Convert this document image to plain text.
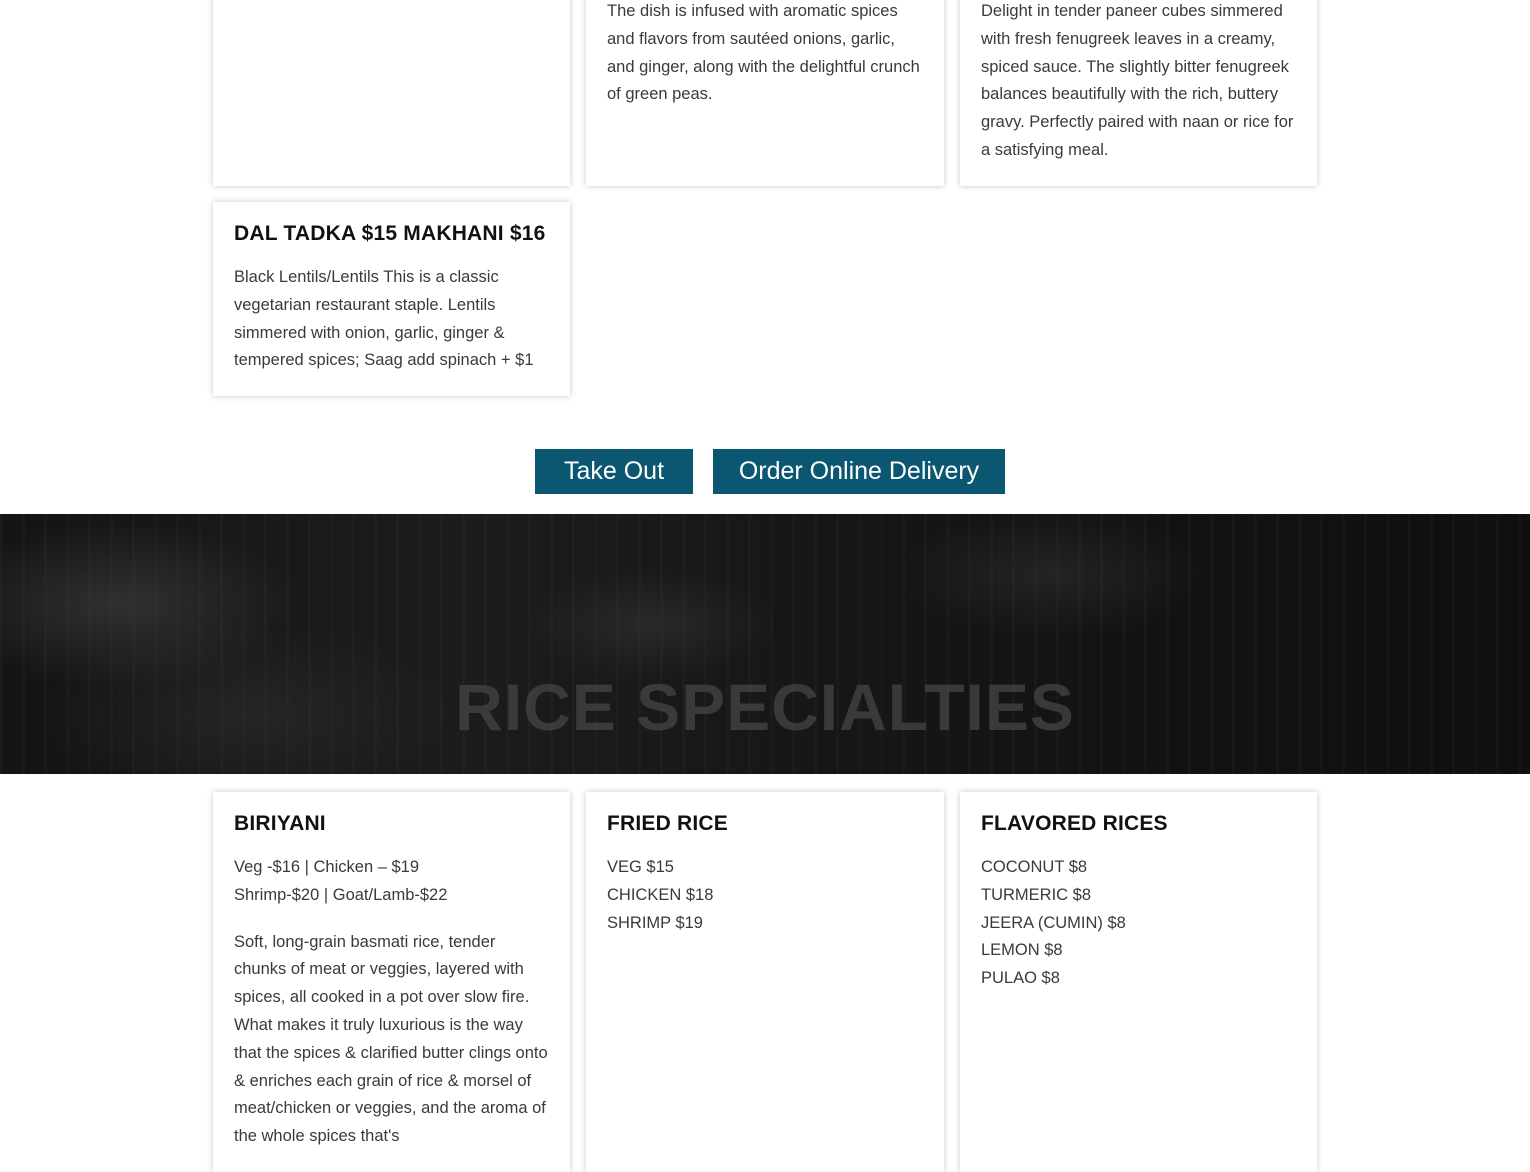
The dish is infused with aromatic spices and flavors from sautéed onions, garlic, and ginger, along with the delightful crunch of green peas.

Delight in tender paneer cubes simmered with fresh fenugreek leaves in a creamy, spiced sauce. The slightly bitter fenugreek balances beautifully with the rich, buttery gravy. Perfectly paired with naan or rice for a satisfying meal.

DAL TADKA $15 MAKHANI $16

Black Lentils/Lentils This is a classic vegetarian restaurant staple. Lentils simmered with onion, garlic, ginger & tempered spices; Saag add spinach + $1

Take Out	Order Online Delivery
RICE SPECIALTIES
BIRIYANI
Veg -$16 | Chicken – $19
Shrimp-$20 | Goat/Lamb-$22

Soft, long-grain basmati rice, tender chunks of meat or veggies, layered with spices, all cooked in a pot over slow fire. What makes it truly luxurious is the way that the spices & clarified butter clings onto & enriches each grain of rice & morsel of meat/chicken or veggies, and the aroma of the whole spices that's

FRIED RICE
VEG $15
CHICKEN $18
SHRIMP $19
FLAVORED RICES
COCONUT $8
TURMERIC $8
JEERA (CUMIN) $8
LEMON $8
PULAO $8
